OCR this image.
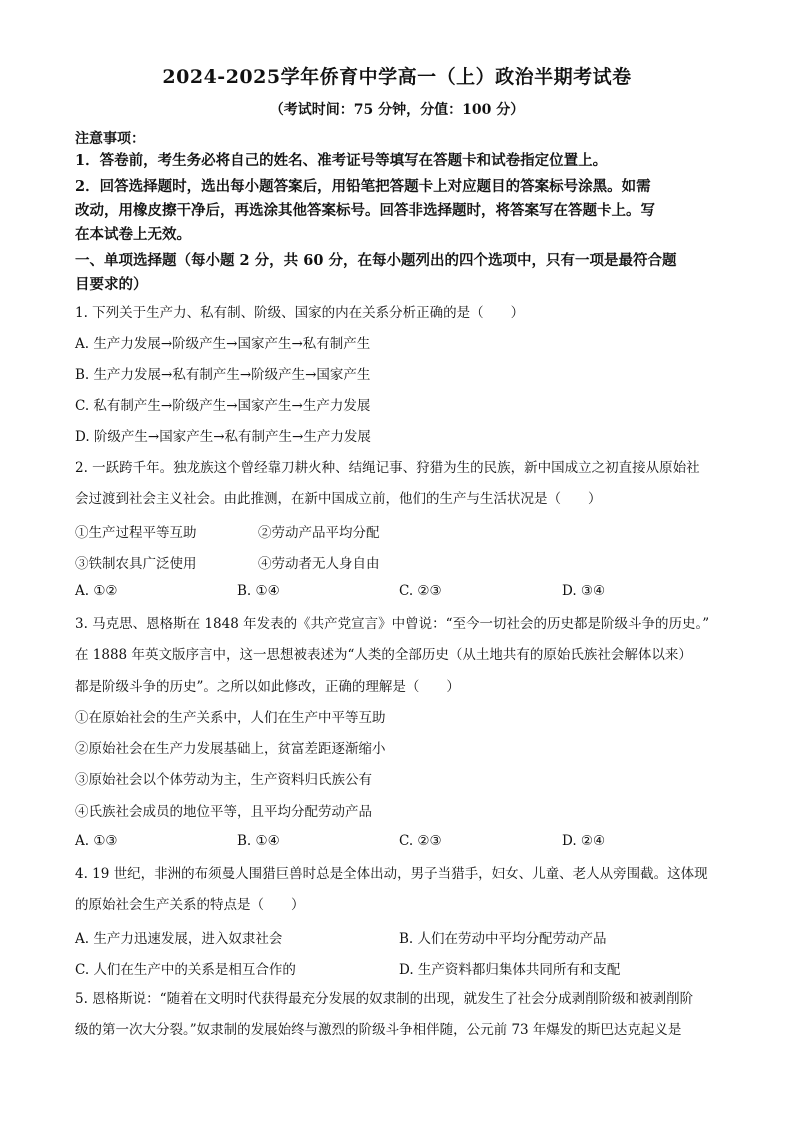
2024-2025学年侨育中学高一（上）政治半期考试卷
（考试时间：75 分钟，分值：100 分）
注意事项：
1．答卷前，考生务必将自己的姓名、准考证号等填写在答题卡和试卷指定位置上。
2．回答选择题时，选出每小题答案后，用铅笔把答题卡上对应题目的答案标号涂黑。如需
改动，用橡皮擦干净后，再选涂其他答案标号。回答非选择题时，将答案写在答题卡上。写
在本试卷上无效。
一、单项选择题（每小题 2 分，共 60 分，在每小题列出的四个选项中，只有一项是最符合题
目要求的）
1. 下列关于生产力、私有制、阶级、国家的内在关系分析正确的是（　　）
A. 生产力发展→阶级产生→国家产生→私有制产生
B. 生产力发展→私有制产生→阶级产生→国家产生
C. 私有制产生→阶级产生→国家产生→生产力发展
D. 阶级产生→国家产生→私有制产生→生产力发展
2. 一跃跨千年。独龙族这个曾经靠刀耕火种、结绳记事、狩猎为生的民族，新中国成立之初直接从原始社
会过渡到社会主义社会。由此推测，在新中国成立前，他们的生产与生活状况是（　　）
①生产过程平等互助	②劳动产品平均分配
③铁制农具广泛使用	④劳动者无人身自由
A. ①②	B. ①④	C. ②③	D. ③④
3. 马克思、恩格斯在 1848 年发表的《共产党宣言》中曾说：“至今一切社会的历史都是阶级斗争的历史。”
在 1888 年英文版序言中，这一思想被表述为“人类的全部历史（从土地共有的原始氏族社会解体以来）
都是阶级斗争的历史”。之所以如此修改，正确的理解是（　　）
①在原始社会的生产关系中，人们在生产中平等互助
②原始社会在生产力发展基础上，贫富差距逐渐缩小
③原始社会以个体劳动为主，生产资料归氏族公有
④氏族社会成员的地位平等，且平均分配劳动产品
A. ①③	B. ①④	C. ②③	D. ②④
4. 19 世纪，非洲的布须曼人围猎巨兽时总是全体出动，男子当猎手，妇女、儿童、老人从旁围截。这体现
的原始社会生产关系的特点是（　　）
A. 生产力迅速发展，进入奴隶社会	B. 人们在劳动中平均分配劳动产品
C. 人们在生产中的关系是相互合作的	D. 生产资料都归集体共同所有和支配
5. 恩格斯说：“随着在文明时代获得最充分发展的奴隶制的出现，就发生了社会分成剥削阶级和被剥削阶
级的第一次大分裂。”奴隶制的发展始终与激烈的阶级斗争相伴随，公元前 73 年爆发的斯巴达克起义是
